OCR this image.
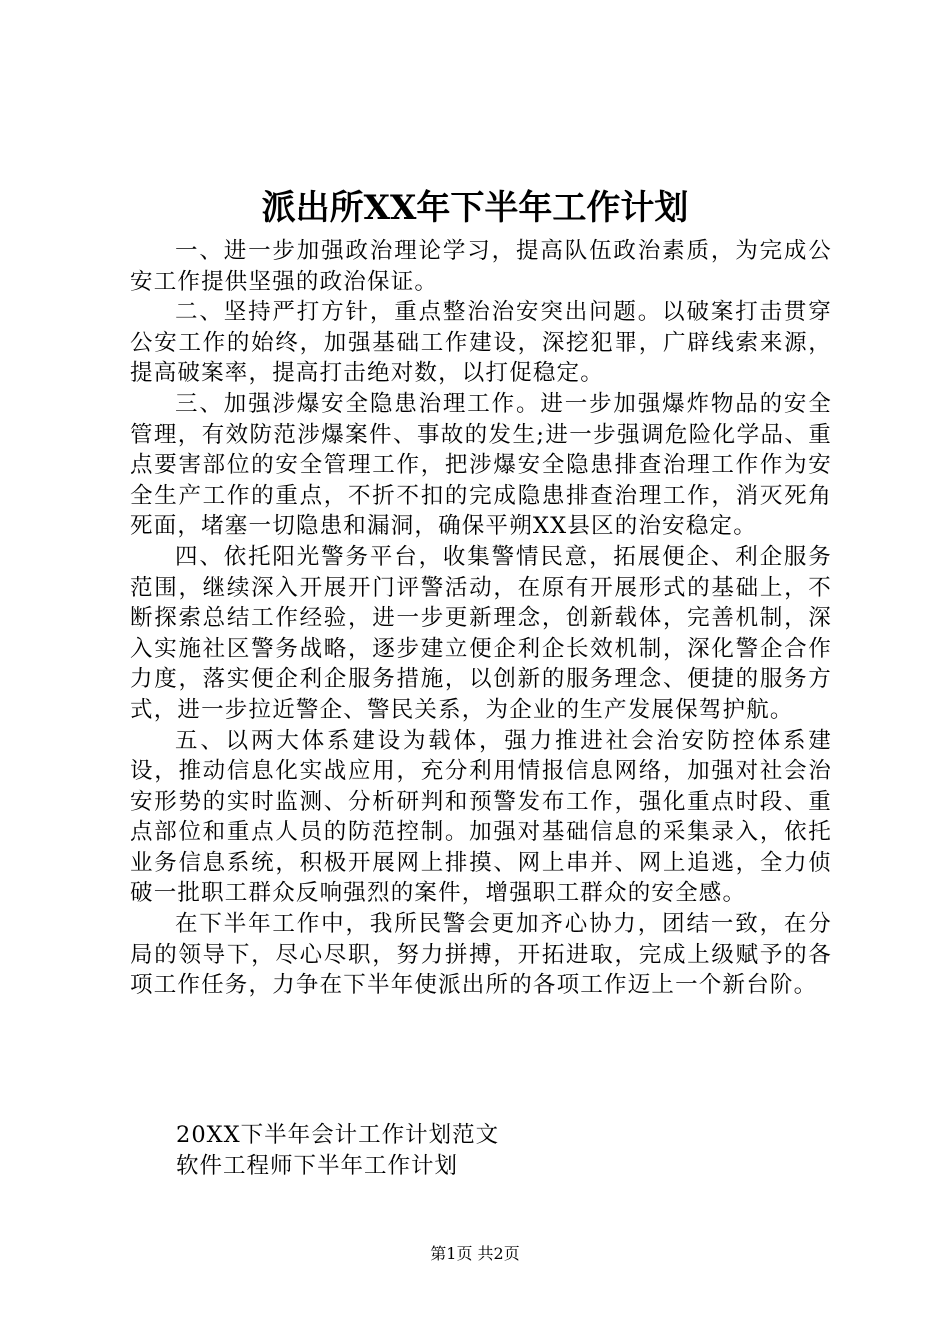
派出所XX年下半年工作计划

一、进一步加强政治理论学习，提高队伍政治素质，为完成公安工作提供坚强的政治保证。

二、坚持严打方针，重点整治治安突出问题。以破案打击贯穿公安工作的始终，加强基础工作建设，深挖犯罪，广辟线索来源，提高破案率，提高打击绝对数，以打促稳定。

三、加强涉爆安全隐患治理工作。进一步加强爆炸物品的安全管理，有效防范涉爆案件、事故的发生;进一步强调危险化学品、重点要害部位的安全管理工作，把涉爆安全隐患排查治理工作作为安全生产工作的重点，不折不扣的完成隐患排查治理工作，消灭死角死面，堵塞一切隐患和漏洞，确保平朔XX县区的治安稳定。

四、依托阳光警务平台，收集警情民意，拓展便企、利企服务范围，继续深入开展开门评警活动，在原有开展形式的基础上，不断探索总结工作经验，进一步更新理念，创新载体，完善机制，深入实施社区警务战略，逐步建立便企利企长效机制，深化警企合作力度，落实便企利企服务措施，以创新的服务理念、便捷的服务方式，进一步拉近警企、警民关系，为企业的生产发展保驾护航。

五、以两大体系建设为载体，强力推进社会治安防控体系建设，推动信息化实战应用，充分利用情报信息网络，加强对社会治安形势的实时监测、分析研判和预警发布工作，强化重点时段、重点部位和重点人员的防范控制。加强对基础信息的采集录入，依托业务信息系统，积极开展网上排摸、网上串并、网上追逃，全力侦破一批职工群众反响强烈的案件，增强职工群众的安全感。

在下半年工作中，我所民警会更加齐心协力，团结一致，在分局的领导下，尽心尽职，努力拼搏，开拓进取，完成上级赋予的各项工作任务，力争在下半年使派出所的各项工作迈上一个新台阶。

20XX下半年会计工作计划范文
软件工程师下半年工作计划
第1页 共2页
